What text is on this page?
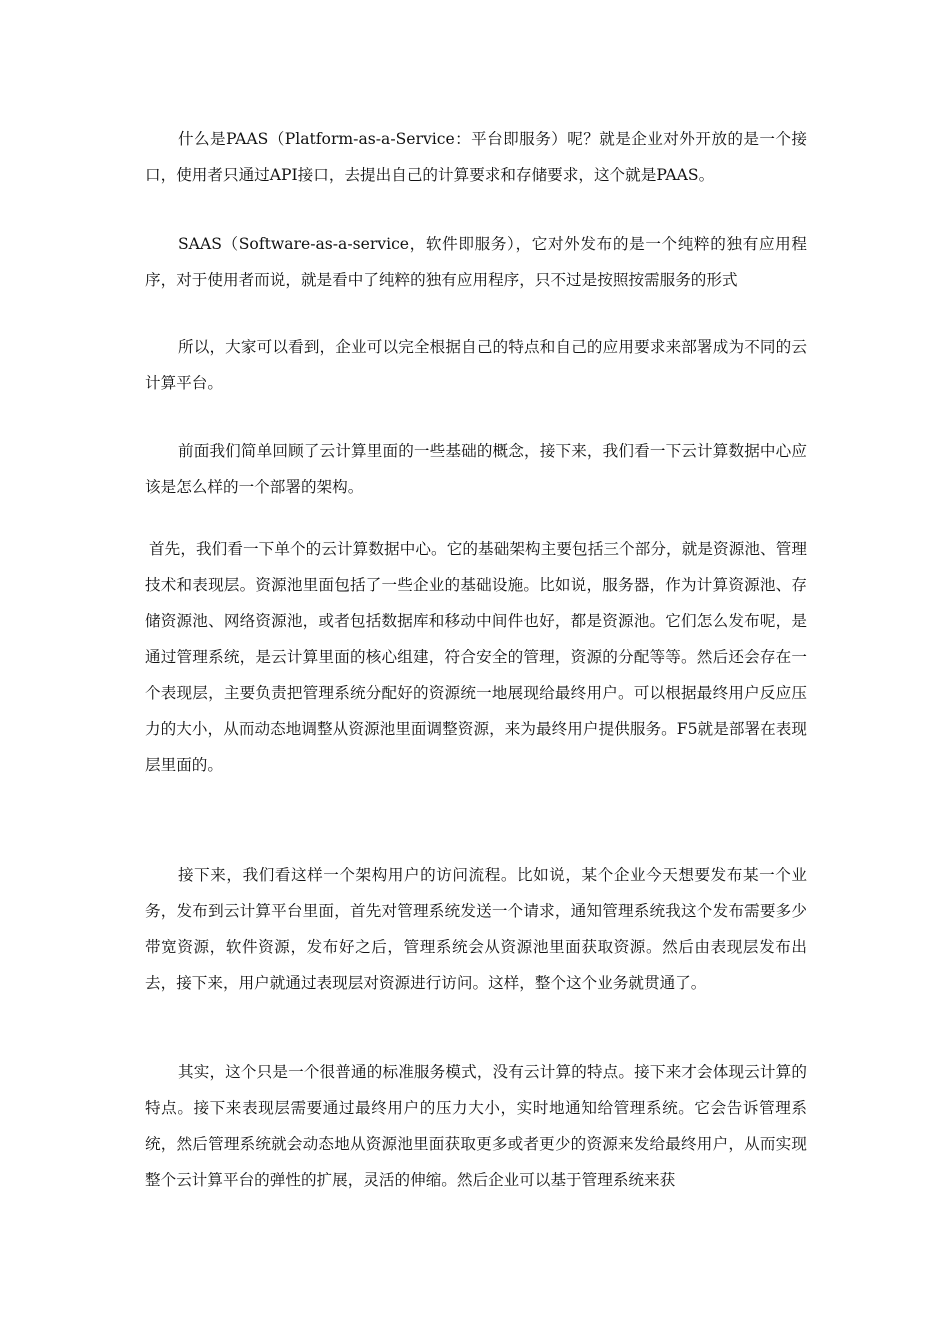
什么是PAAS（Platform-as-a-Service：平台即服务）呢？就是企业对外开放的是一个接口，使用者只通过API接口，去提出自己的计算要求和存储要求，这个就是PAAS。

SAAS（Software-as-a-service，软件即服务），它对外发布的是一个纯粹的独有应用程序，对于使用者而说，就是看中了纯粹的独有应用程序，只不过是按照按需服务的形式

所以，大家可以看到，企业可以完全根据自己的特点和自己的应用要求来部署成为不同的云计算平台。

前面我们简单回顾了云计算里面的一些基础的概念，接下来，我们看一下云计算数据中心应该是怎么样的一个部署的架构。

首先，我们看一下单个的云计算数据中心。它的基础架构主要包括三个部分，就是资源池、管理技术和表现层。资源池里面包括了一些企业的基础设施。比如说，服务器，作为计算资源池、存储资源池、网络资源池，或者包括数据库和移动中间件也好，都是资源池。它们怎么发布呢，是通过管理系统，是云计算里面的核心组建，符合安全的管理，资源的分配等等。然后还会存在一个表现层，主要负责把管理系统分配好的资源统一地展现给最终用户。可以根据最终用户反应压力的大小，从而动态地调整从资源池里面调整资源，来为最终用户提供服务。F5就是部署在表现层里面的。

接下来，我们看这样一个架构用户的访问流程。比如说，某个企业今天想要发布某一个业务，发布到云计算平台里面，首先对管理系统发送一个请求，通知管理系统我这个发布需要多少带宽资源，软件资源，发布好之后，管理系统会从资源池里面获取资源。然后由表现层发布出去，接下来，用户就通过表现层对资源进行访问。这样，整个这个业务就贯通了。

其实，这个只是一个很普通的标准服务模式，没有云计算的特点。接下来才会体现云计算的特点。接下来表现层需要通过最终用户的压力大小，实时地通知给管理系统。它会告诉管理系统，然后管理系统就会动态地从资源池里面获取更多或者更少的资源来发给最终用户，从而实现整个云计算平台的弹性的扩展，灵活的伸缩。然后企业可以基于管理系统来获
